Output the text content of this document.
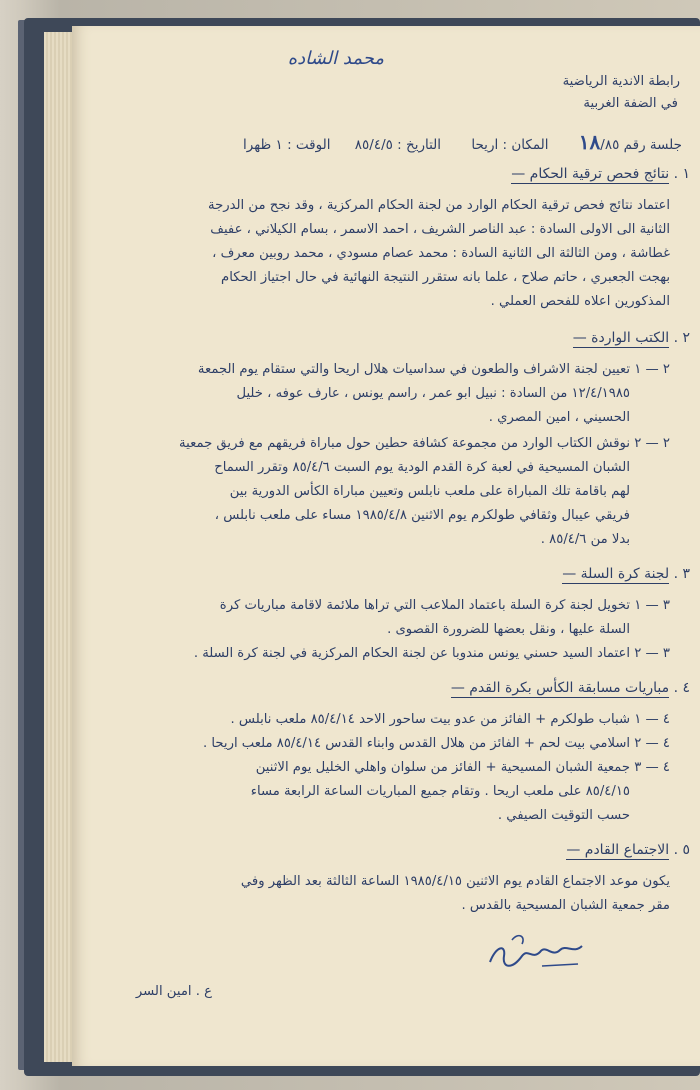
محمد الشاده
رابطة الاندية الرياضية
في الضفة الغربية
جلسة رقم ١٨/٨٥ المكان : اريحا التاريخ : ٨٥/٤/٥ الوقت : ١ ظهرا
١ . نتائج فحص ترقية الحكام —
اعتماد نتائج فحص ترقية الحكام الوارد من لجنة الحكام المركزية ، وقد نجح من الدرجة
الثانية الى الاولى السادة : عبد الناصر الشريف ، احمد الاسمر ، بسام الكيلاني ، عفيف
غطاشة ، ومن الثالثة الى الثانية السادة : محمد عصام مسودي ، محمد روبين معرف ،
بهجت الجعبري ، حاتم صلاح ، علما بانه ستقرر النتيجة النهائية في حال اجتياز الحكام
المذكورين اعلاه للفحص العملي .
٢ . الكتب الواردة —
٢ — ١ تعيين لجنة الاشراف والطعون في سداسيات هلال اريحا والتي ستقام يوم الجمعة
١٢/٤/١٩٨٥ من السادة : نبيل ابو عمر ، راسم يونس ، عارف عوفه ، خليل
الحسيني ، امين المصري .
٢ — ٢ نوقش الكتاب الوارد من مجموعة كشافة حطين حول مباراة فريقهم مع فريق جمعية
الشبان المسيحية في لعبة كرة القدم الودية يوم السبت ٨٥/٤/٦ وتقرر السماح
لهم باقامة تلك المباراة على ملعب نابلس وتعيين مباراة الكأس الدورية بين
فريقي عيبال وثقافي طولكرم يوم الاثنين ١٩٨٥/٤/٨ مساء على ملعب نابلس ،
بدلا من ٨٥/٤/٦ .
٣ . لجنة كرة السلة —
٣ — ١ تخويل لجنة كرة السلة باعتماد الملاعب التي تراها ملائمة لاقامة مباريات كرة
السلة عليها ، ونقل بعضها للضرورة القصوى .
٣ — ٢ اعتماد السيد حسني يونس مندوبا عن لجنة الحكام المركزية في لجنة كرة السلة .
٤ . مباريات مسابقة الكأس بكرة القدم —
٤ — ١ شباب طولكرم + الفائز من عدو بيت ساحور الاحد ٨٥/٤/١٤ ملعب نابلس .
٤ — ٢ اسلامي بيت لحم + الفائز من هلال القدس وابناء القدس ٨٥/٤/١٤ ملعب اريحا .
٤ — ٣ جمعية الشبان المسيحية + الفائز من سلوان واهلي الخليل يوم الاثنين
٨٥/٤/١٥ على ملعب اريحا . وتقام جميع المباريات الساعة الرابعة مساء
حسب التوقيت الصيفي .
٥ . الاجتماع القادم —
يكون موعد الاجتماع القادم يوم الاثنين ١٩٨٥/٤/١٥ الساعة الثالثة بعد الظهر وفي
مقر جمعية الشبان المسيحية بالقدس .
ع . امين السر
